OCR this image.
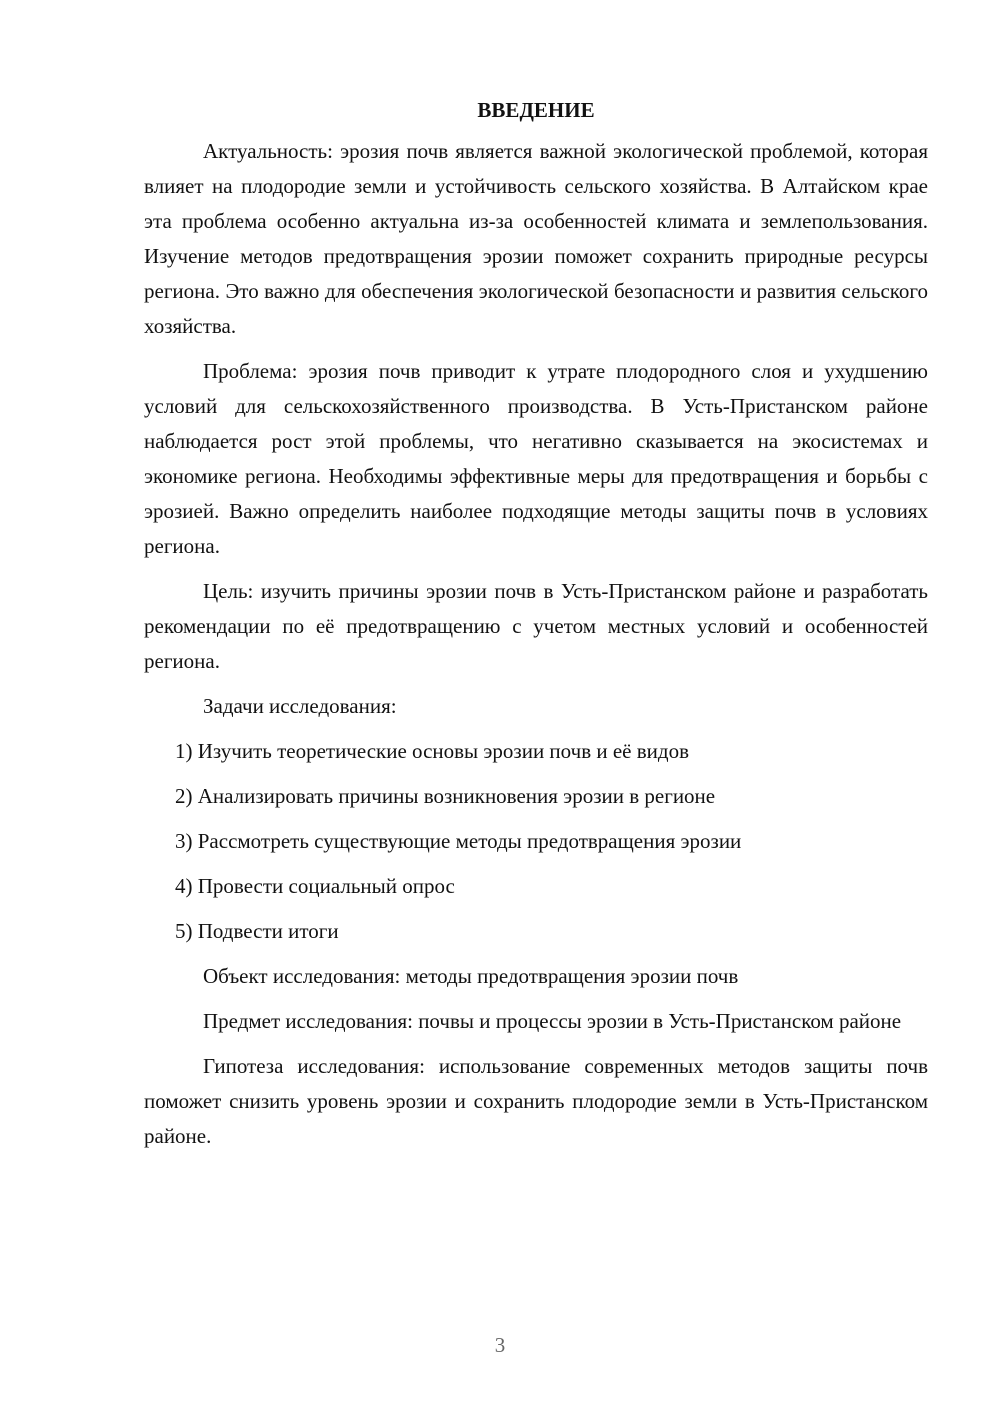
ВВЕДЕНИЕ

Актуальность: эрозия почв является важной экологической проблемой, которая влияет на плодородие земли и устойчивость сельского хозяйства. В Алтайском крае эта проблема особенно актуальна из-за особенностей климата и землепользования. Изучение методов предотвращения эрозии поможет сохранить природные ресурсы региона. Это важно для обеспечения экологической безопасности и развития сельского хозяйства.

Проблема: эрозия почв приводит к утрате плодородного слоя и ухудшению условий для сельскохозяйственного производства. В Усть-Пристанском районе наблюдается рост этой проблемы, что негативно сказывается на экосистемах и экономике региона. Необходимы эффективные меры для предотвращения и борьбы с эрозией. Важно определить наиболее подходящие методы защиты почв в условиях региона.

Цель: изучить причины эрозии почв в Усть-Пристанском районе и разработать рекомендации по её предотвращению с учетом местных условий и особенностей региона.

Задачи исследования:

1) Изучить теоретические основы эрозии почв и её видов
2) Анализировать причины возникновения эрозии в регионе
3) Рассмотреть существующие методы предотвращения эрозии
4) Провести социальный опрос
5) Подвести итоги

Объект исследования: методы предотвращения эрозии почв

Предмет исследования: почвы и процессы эрозии в Усть-Пристанском районе

Гипотеза исследования: использование современных методов защиты почв поможет снизить уровень эрозии и сохранить плодородие земли в Усть-Пристанском районе.

3
